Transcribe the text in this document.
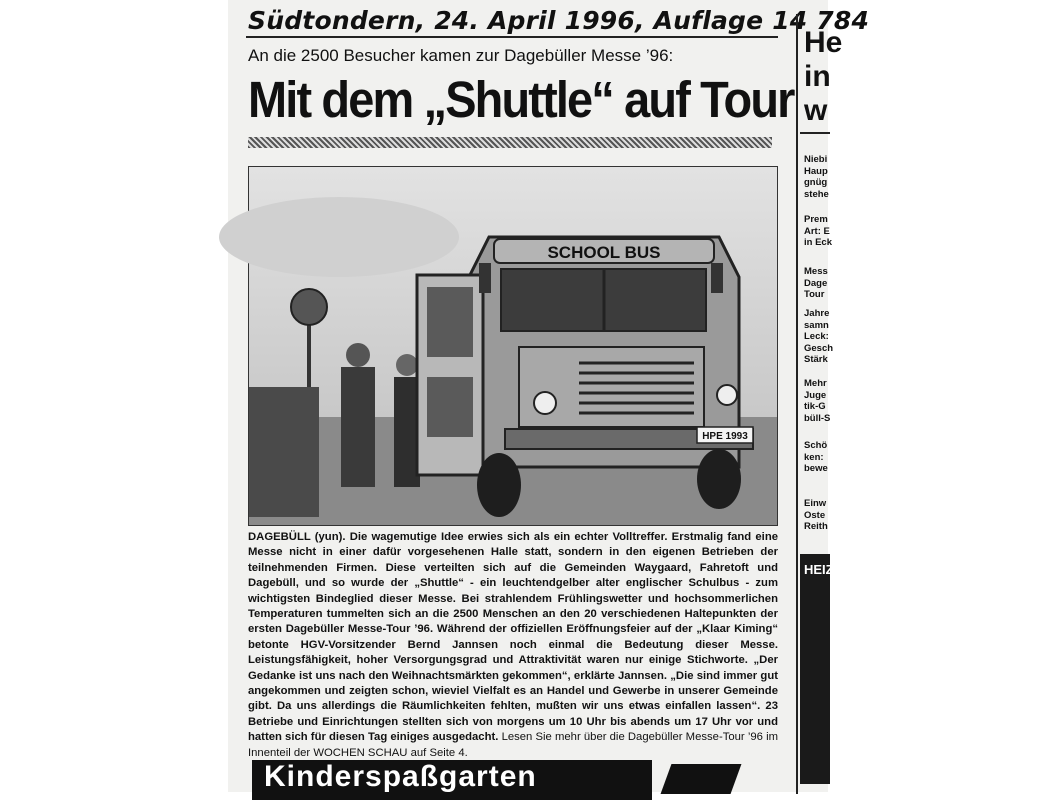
Südtondern, 24. April 1996, Auflage 14 784
An die 2500 Besucher kamen zur Dagebüller Messe ’96:
Mit dem „Shuttle“ auf Tour
SCHOOL BUS
HPE 1993
DAGEBÜLL (yun). Die wagemutige Idee erwies sich als ein echter Volltreffer. Erstmalig fand eine Messe nicht in einer dafür vorgesehenen Halle statt, sondern in den eigenen Betrieben der teilnehmenden Firmen. Diese verteilten sich auf die Gemeinden Waygaard, Fahretoft und Dagebüll, und so wurde der „Shuttle“ - ein leuchtendgelber alter englischer Schulbus - zum wichtigsten Bindeglied dieser Messe. Bei strahlendem Frühlingswetter und hochsommerlichen Temperaturen tummelten sich an die 2500 Menschen an den 20 verschiedenen Haltepunkten der ersten Dagebüller Messe-Tour ’96. Während der offiziellen Eröffnungsfeier auf der „Klaar Kiming“ betonte HGV-Vorsitzender Bernd Jannsen noch einmal die Bedeutung dieser Messe. Leistungsfähigkeit, hoher Versorgungsgrad und Attraktivität waren nur einige Stichworte. „Der Gedanke ist uns nach den Weihnachtsmärkten gekommen“, erklärte Jannsen. „Die sind immer gut angekommen und zeigten schon, wieviel Vielfalt es an Handel und Gewerbe in unserer Gemeinde gibt. Da uns allerdings die Räumlichkeiten fehlten, mußten wir uns etwas einfallen lassen“. 23 Betriebe und Einrichtungen stellten sich von morgens um 10 Uhr bis abends um 17 Uhr vor und hatten sich für diesen Tag einiges ausgedacht. Lesen Sie mehr über die Dagebüller Messe-Tour ’96 im Innenteil der WOCHEN SCHAU auf Seite 4.
He
in
w
Niebi
Haup
gnüg
stehe
Prem
Art: E
in Eck
Mess
Dage
Tour
Jahre
samn
Leck:
Gesch
Stärk
Mehr
Juge
tik-G
büll-S
Schö
ken:
bewe
Einw
Oste
Reith
HEIZ
Kinderspaßgarten
